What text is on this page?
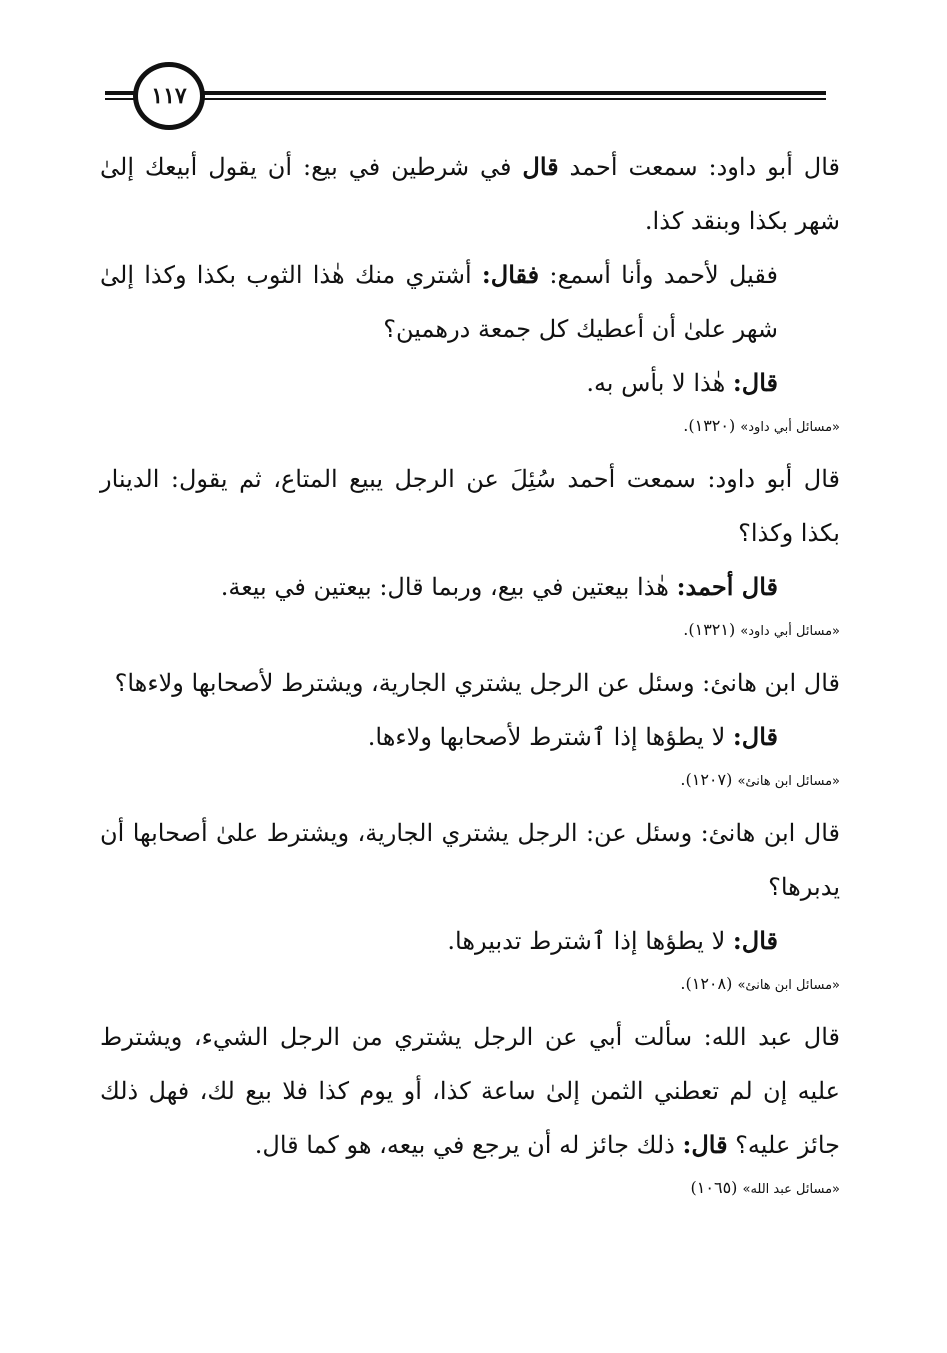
١١٧

قال أبو داود: سمعت أحمد قال في شرطين في بيع: أن يقول أبيعك إلىٰ شهر بكذا وبنقد كذا.

فقيل لأحمد وأنا أسمع: فقال: أشتري منك هٰذا الثوب بكذا وكذا إلىٰ شهر علىٰ أن أعطيك كل جمعة درهمين؟

قال: هٰذا لا بأس به.

«مسائل أبي داود» (١٣٢٠).

قال أبو داود: سمعت أحمد سُئِلَ عن الرجل يبيع المتاع، ثم يقول: الدينار بكذا وكذا؟

قال أحمد: هٰذا بيعتين في بيع، وربما قال: بيعتين في بيعة.

«مسائل أبي داود» (١٣٢١).

قال ابن هانئ: وسئل عن الرجل يشتري الجارية، ويشترط لأصحابها ولاءها؟

قال: لا يطؤها إذا ٱشترط لأصحابها ولاءها.

«مسائل ابن هانئ» (١٢٠٧).

قال ابن هانئ: وسئل عن: الرجل يشتري الجارية، ويشترط علىٰ أصحابها أن يدبرها؟

قال: لا يطؤها إذا ٱشترط تدبيرها.

«مسائل ابن هانئ» (١٢٠٨).

قال عبد الله: سألت أبي عن الرجل يشتري من الرجل الشيء، ويشترط عليه إن لم تعطني الثمن إلىٰ ساعة كذا، أو يوم كذا فلا بيع لك، فهل ذلك جائز عليه؟ قال: ذلك جائز له أن يرجع في بيعه، هو كما قال.

«مسائل عبد الله» (١٠٦٥)
